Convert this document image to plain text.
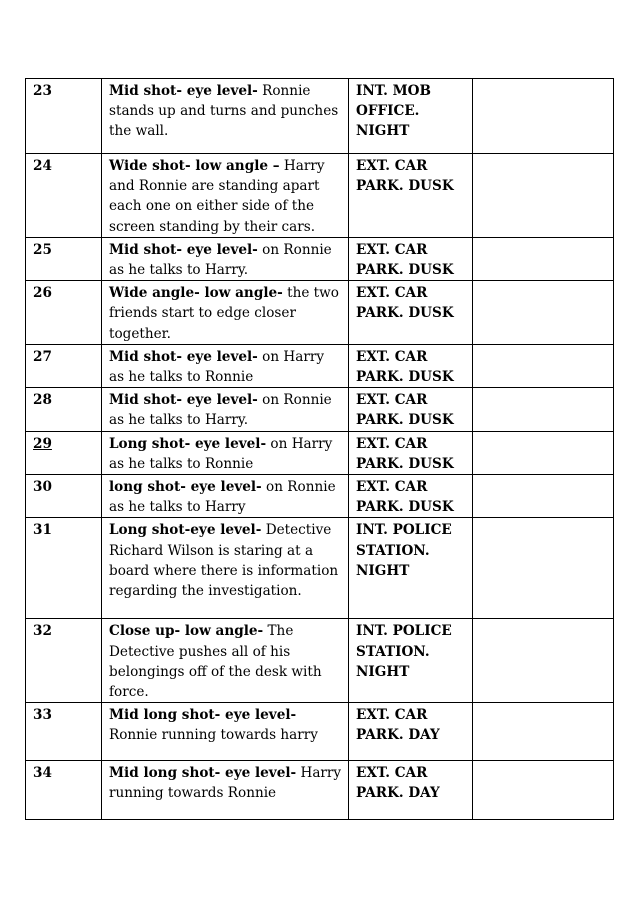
23	Mid shot- eye level- Ronnie stands up and turns and punches the wall.	INT. MOB OFFICE. NIGHT	
24	Wide shot- low angle – Harry and Ronnie are standing apart each one on either side of the screen standing by their cars.	EXT. CAR PARK. DUSK	
25	Mid shot- eye level- on Ronnie as he talks to Harry.	EXT. CAR PARK. DUSK	
26	Wide angle- low angle- the two friends start to edge closer together.	EXT. CAR PARK. DUSK	
27	Mid shot- eye level- on Harry as he talks to Ronnie	EXT. CAR PARK. DUSK	
28	Mid shot- eye level- on Ronnie as he talks to Harry.	EXT. CAR PARK. DUSK	
29	Long shot- eye level- on Harry as he talks to Ronnie	EXT. CAR PARK. DUSK	
30	long shot- eye level- on Ronnie as he talks to Harry	EXT. CAR PARK. DUSK	
31	Long shot-eye level- Detective Richard Wilson is staring at a board where there is information regarding the investigation.	INT. POLICE STATION. NIGHT	
32	Close up- low angle- The Detective pushes all of his belongings off of the desk with force.	INT. POLICE STATION. NIGHT	
33	Mid long shot- eye level- Ronnie running towards harry	EXT. CAR PARK. DAY	
34	Mid long shot- eye level- Harry running towards Ronnie	EXT. CAR PARK. DAY	
